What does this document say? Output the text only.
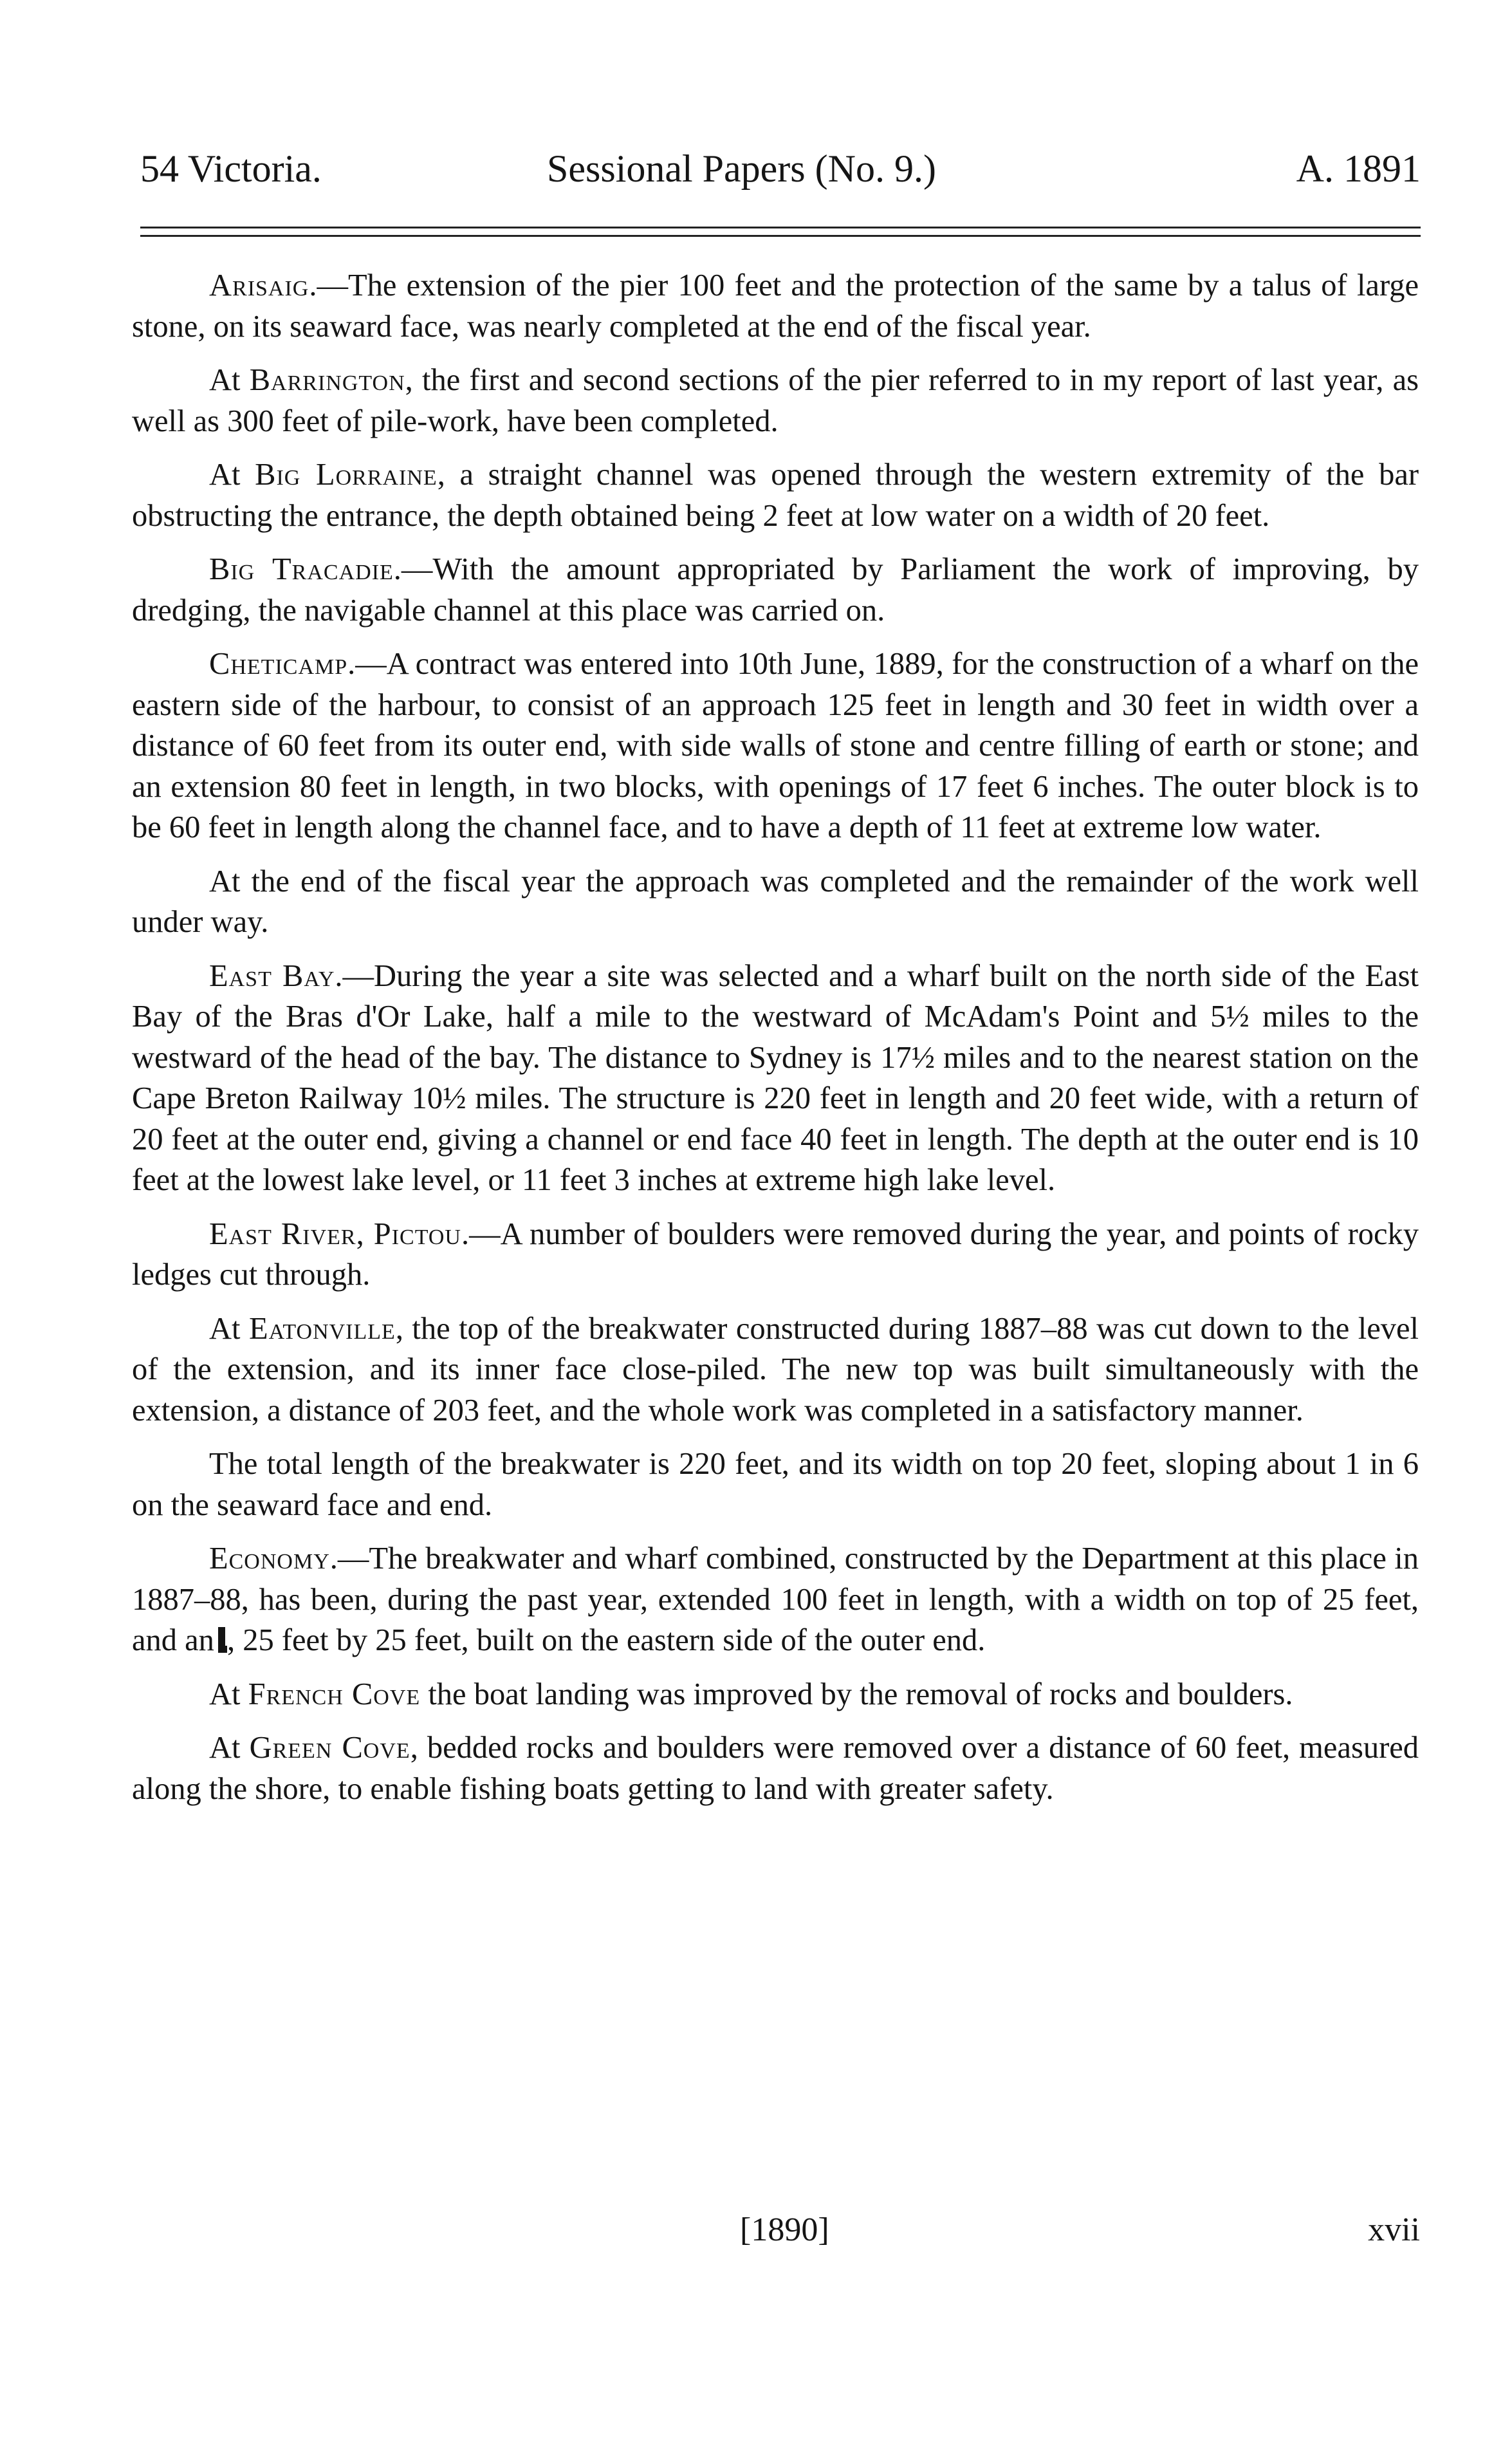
54 Victoria.	Sessional Papers (No. 9.)	A. 1891

Arisaig.—The extension of the pier 100 feet and the protection of the same by a talus of large stone, on its seaward face, was nearly completed at the end of the fiscal year.

At Barrington, the first and second sections of the pier referred to in my report of last year, as well as 300 feet of pile-work, have been completed.

At Big Lorraine, a straight channel was opened through the western extremity of the bar obstructing the entrance, the depth obtained being 2 feet at low water on a width of 20 feet.

Big Tracadie.—With the amount appropriated by Parliament the work of improving, by dredging, the navigable channel at this place was carried on.

Cheticamp.—A contract was entered into 10th June, 1889, for the construction of a wharf on the eastern side of the harbour, to consist of an approach 125 feet in length and 30 feet in width over a distance of 60 feet from its outer end, with side walls of stone and centre filling of earth or stone; and an extension 80 feet in length, in two blocks, with openings of 17 feet 6 inches. The outer block is to be 60 feet in length along the channel face, and to have a depth of 11 feet at extreme low water.

At the end of the fiscal year the approach was completed and the remainder of the work well under way.

East Bay.—During the year a site was selected and a wharf built on the north side of the East Bay of the Bras d'Or Lake, half a mile to the westward of McAdam's Point and 5½ miles to the westward of the head of the bay. The distance to Sydney is 17½ miles and to the nearest station on the Cape Breton Railway 10½ miles. The structure is 220 feet in length and 20 feet wide, with a return of 20 feet at the outer end, giving a channel or end face 40 feet in length. The depth at the outer end is 10 feet at the lowest lake level, or 11 feet 3 inches at extreme high lake level.

East River, Pictou.—A number of boulders were removed during the year, and points of rocky ledges cut through.

At Eatonville, the top of the breakwater constructed during 1887–88 was cut down to the level of the extension, and its inner face close-piled. The new top was built simultaneously with the extension, a distance of 203 feet, and the whole work was completed in a satisfactory manner.

The total length of the breakwater is 220 feet, and its width on top 20 feet, sloping about 1 in 6 on the seaward face and end.

Economy.—The breakwater and wharf combined, constructed by the Department at this place in 1887–88, has been, during the past year, extended 100 feet in length, with a width on top of 25 feet, and an , 25 feet by 25 feet, built on the eastern side of the outer end.

At French Cove the boat landing was improved by the removal of rocks and boulders.

At Green Cove, bedded rocks and boulders were removed over a distance of 60 feet, measured along the shore, to enable fishing boats getting to land with greater safety.

[1890]	xvii
